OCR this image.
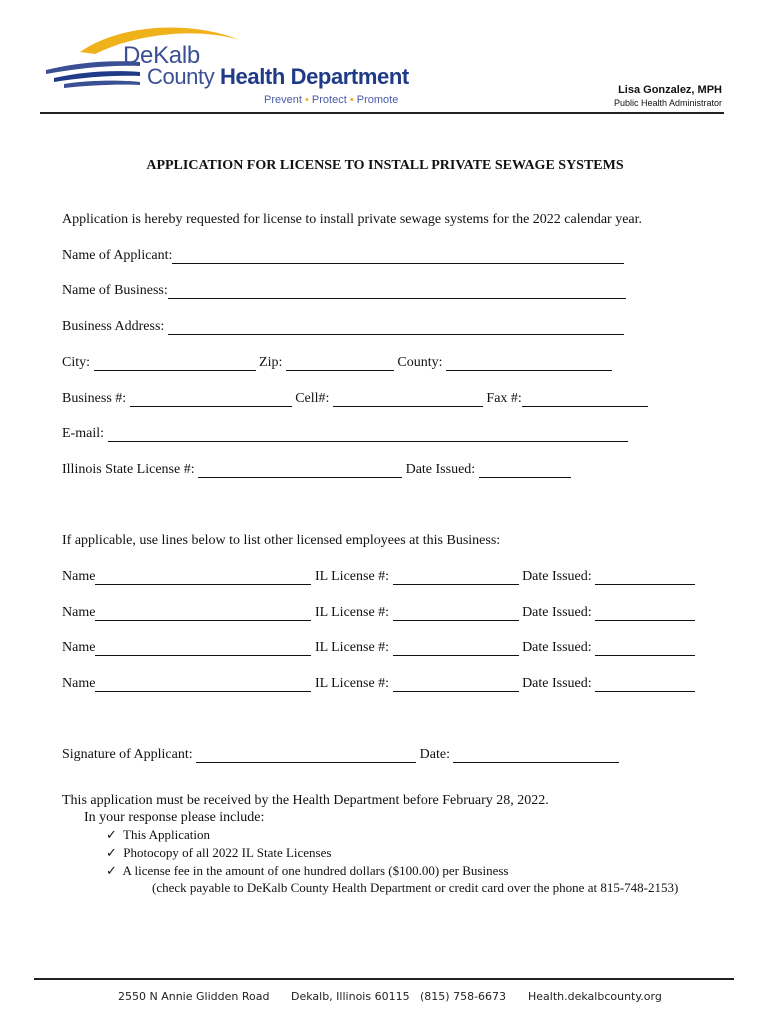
DeKalb
County Health Department
Prevent • Protect • Promote
Lisa Gonzalez, MPH
Public Health Administrator
APPLICATION FOR LICENSE TO INSTALL PRIVATE SEWAGE SYSTEMS
Application is hereby requested for license to install private sewage systems for the 2022 calendar year.
Name of Applicant:
Name of Business:
Business Address:
City:	Zip:	County:
Business #:	Cell#:	Fax #:
E-mail:
Illinois State License #:	Date Issued:
If applicable, use lines below to list other licensed employees at this Business:
Name	IL License #:	Date Issued:
Name	IL License #:	Date Issued:
Name	IL License #:	Date Issued:
Name	IL License #:	Date Issued:
Signature of Applicant:	Date:
This application must be received by the Health Department before February 28, 2022.
In your response please include:
✓ This Application
✓ Photocopy of all 2022 IL State Licenses
✓ A license fee in the amount of one hundred dollars ($100.00) per Business
(check payable to DeKalb County Health Department or credit card over the phone at 815-748-2153)
2550 N Annie Glidden Road Dekalb, Illinois 60115 (815) 758-6673 Health.dekalbcounty.org
